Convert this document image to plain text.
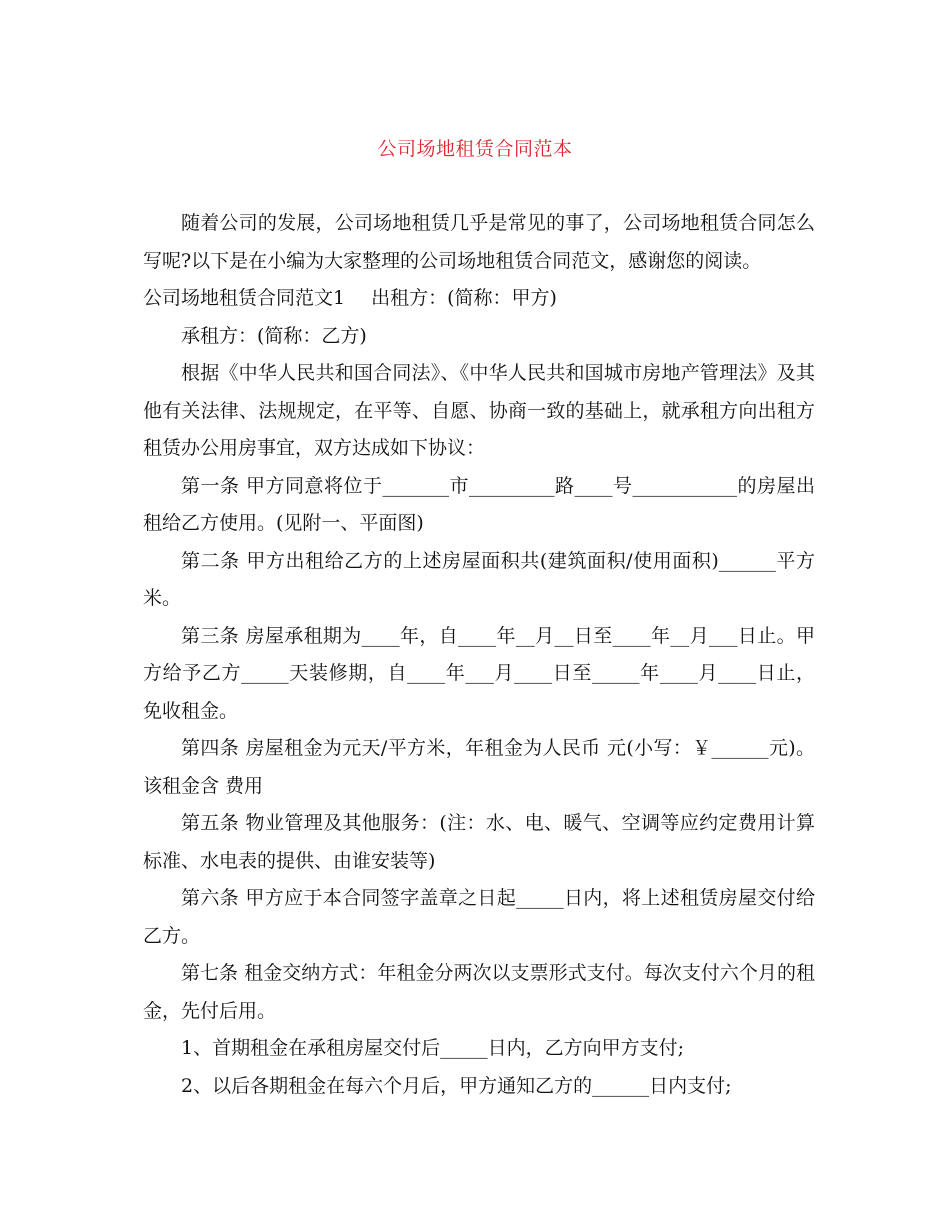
公司场地租赁合同范本

随着公司的发展，公司场地租赁几乎是常见的事了，公司场地租赁合同怎么写呢?以下是在小编为大家整理的公司场地租赁合同范文，感谢您的阅读。

公司场地租赁合同范文1 出租方：(简称：甲方)

承租方：(简称：乙方)

根据《中华人民共和国合同法》、《中华人民共和国城市房地产管理法》及其他有关法律、法规规定，在平等、自愿、协商一致的基础上，就承租方向出租方租赁办公用房事宜，双方达成如下协议：

第一条 甲方同意将位于_______市_________路____号___________的房屋出租给乙方使用。(见附一、平面图)

第二条 甲方出租给乙方的上述房屋面积共(建筑面积/使用面积)______平方米。

第三条 房屋承租期为____年，自____年__月__日至____年__月___日止。甲方给予乙方_____天装修期，自____年___月____日至_____年____月____日止，免收租金。

第四条 房屋租金为元天/平方米，年租金为人民币 元(小写：￥______元)。该租金含 费用

第五条 物业管理及其他服务：(注：水、电、暖气、空调等应约定费用计算标准、水电表的提供、由谁安装等)

第六条 甲方应于本合同签字盖章之日起_____日内，将上述租赁房屋交付给乙方。

第七条 租金交纳方式：年租金分两次以支票形式支付。每次支付六个月的租金，先付后用。

1、首期租金在承租房屋交付后_____日内，乙方向甲方支付;

2、以后各期租金在每六个月后，甲方通知乙方的______日内支付;
